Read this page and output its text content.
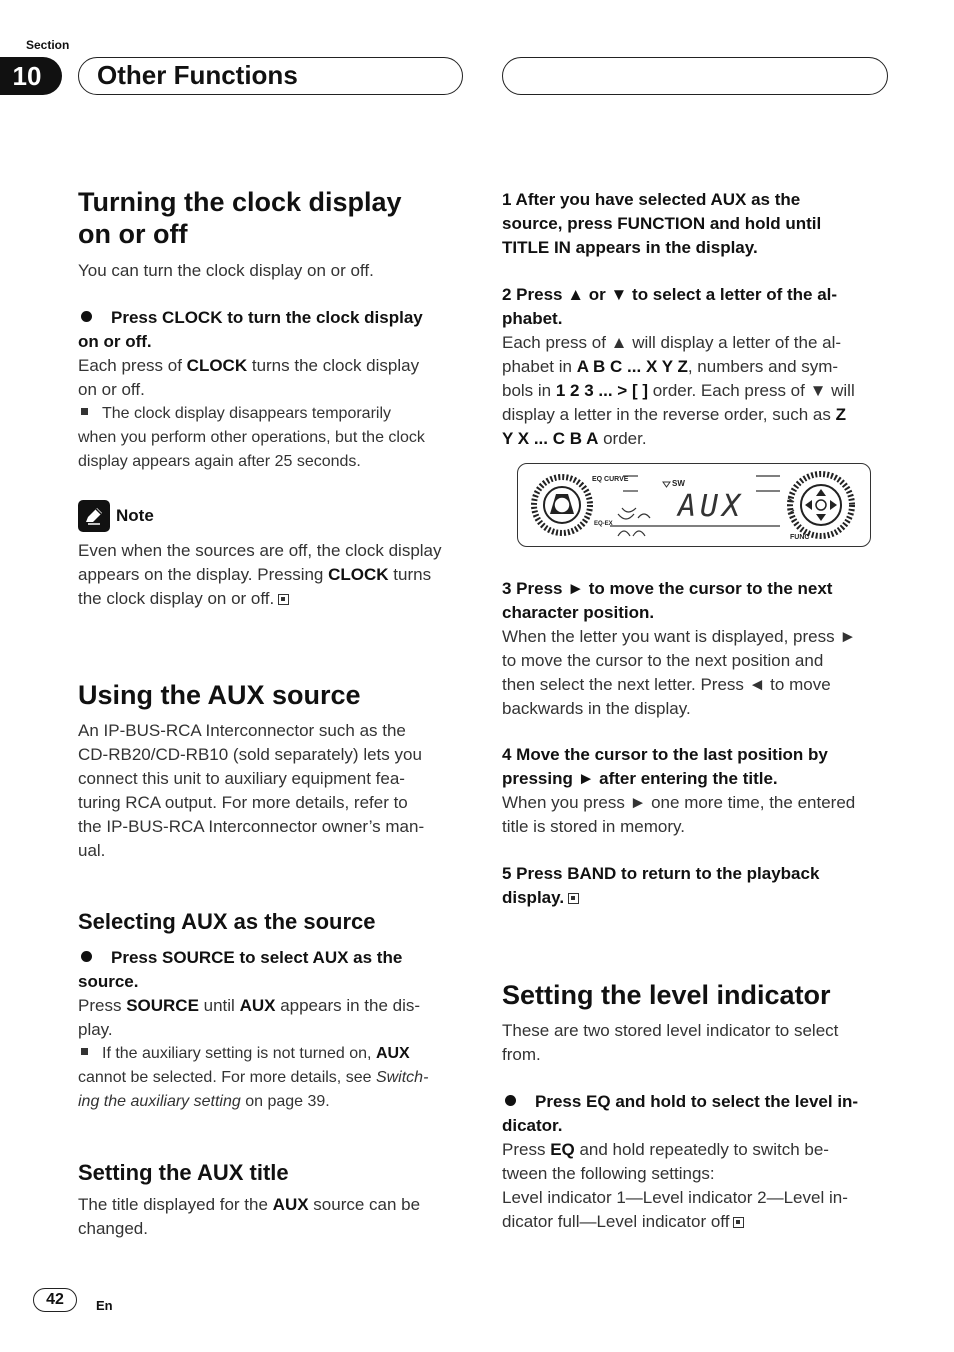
Section
10	Other Functions
Turning the clock display
on or off

You can turn the clock display on or off.

Press CLOCK to turn the clock display
on or off.

Each press of CLOCK turns the clock display
on or off.

The clock display disappears temporarily
when you perform other operations, but the clock
display appears again after 25 seconds.

Note

Even when the sources are off, the clock display
appears on the display. Pressing CLOCK turns
the clock display on or off.

Using the AUX source

An IP-BUS-RCA Interconnector such as the
CD-RB20/CD-RB10 (sold separately) lets you
connect this unit to auxiliary equipment fea-
turing RCA output. For more details, refer to
the IP-BUS-RCA Interconnector owner’s man-
ual.

Selecting AUX as the source

Press SOURCE to select AUX as the
source.

Press SOURCE until AUX appears in the dis-
play.

If the auxiliary setting is not turned on, AUX
cannot be selected. For more details, see Switch-
ing the auxiliary setting on page 39.

Setting the AUX title

The title displayed for the AUX source can be
changed.

1 After you have selected AUX as the
source, press FUNCTION and hold until
TITLE IN appears in the display.

2 Press ▲ or ▼ to select a letter of the al-
phabet.

Each press of ▲ will display a letter of the al-
phabet in A B C ... X Y Z, numbers and sym-
bols in 1 2 3 ... > [ ] order. Each press of ▼ will
display a letter in the reverse order, such as Z
Y X ... C B A order.

EQ CURVE	SW
EQ-EX
FUNC
AUX

3 Press ► to move the cursor to the next
character position.

When the letter you want is displayed, press ►
to move the cursor to the next position and
then select the next letter. Press ◄ to move
backwards in the display.

4 Move the cursor to the last position by
pressing ► after entering the title.

When you press ► one more time, the entered
title is stored in memory.

5 Press BAND to return to the playback
display.

Setting the level indicator

These are two stored level indicator to select
from.

Press EQ and hold to select the level in-
dicator.

Press EQ and hold repeatedly to switch be-
tween the following settings:
Level indicator 1—Level indicator 2—Level in-
dicator full—Level indicator off

42	En
